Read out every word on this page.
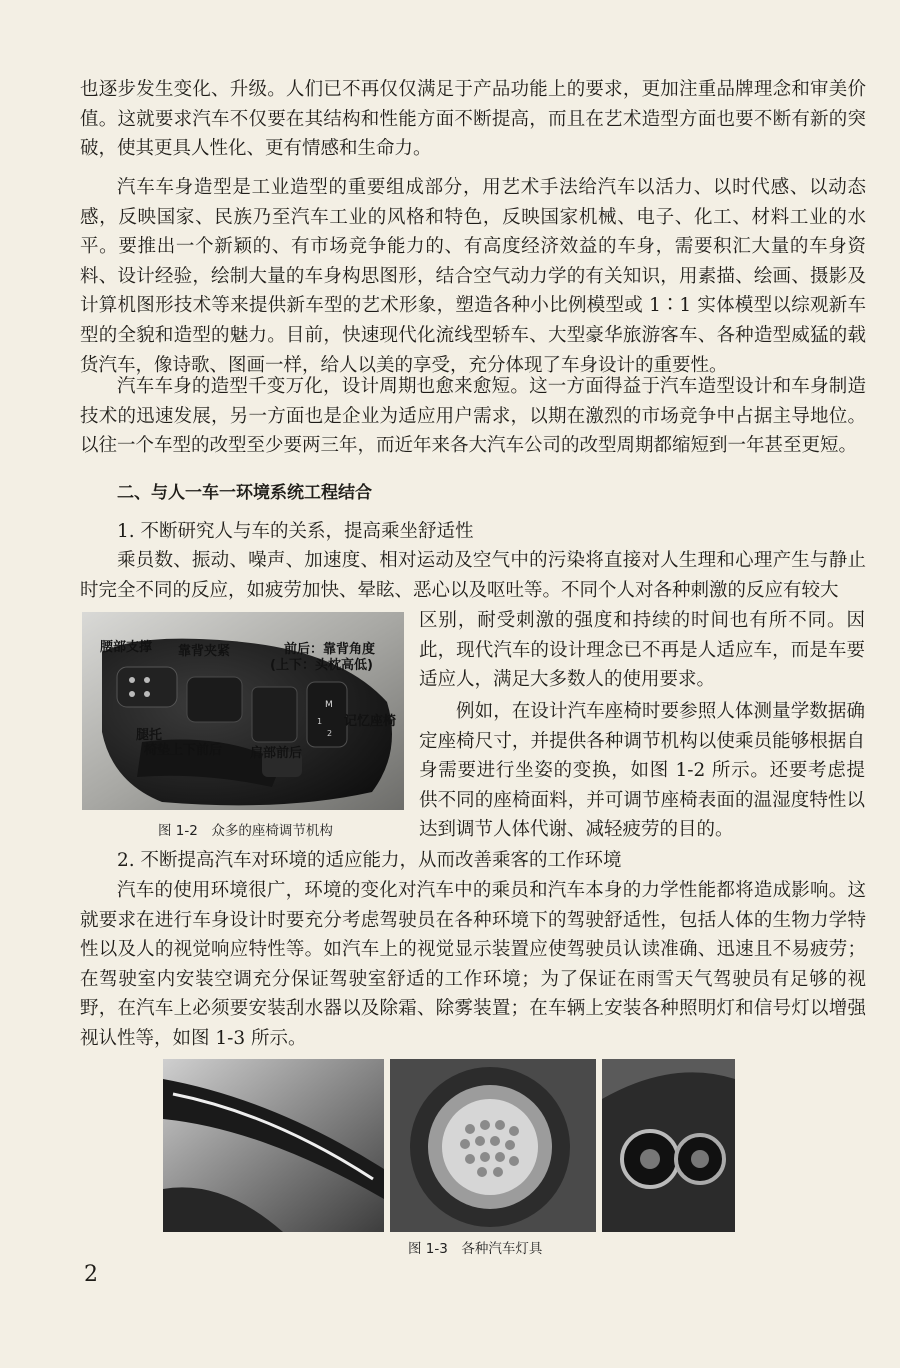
也逐步发生变化、升级。人们已不再仅仅满足于产品功能上的要求，更加注重品牌理念和审美价值。这就要求汽车不仅要在其结构和性能方面不断提高，而且在艺术造型方面也要不断有新的突破，使其更具人性化、更有情感和生命力。

汽车车身造型是工业造型的重要组成部分，用艺术手法给汽车以活力、以时代感、以动态感，反映国家、民族乃至汽车工业的风格和特色，反映国家机械、电子、化工、材料工业的水平。要推出一个新颖的、有市场竞争能力的、有高度经济效益的车身，需要积汇大量的车身资料、设计经验，绘制大量的车身构思图形，结合空气动力学的有关知识，用素描、绘画、摄影及计算机图形技术等来提供新车型的艺术形象，塑造各种小比例模型或 1∶1 实体模型以综观新车型的全貌和造型的魅力。目前，快速现代化流线型轿车、大型豪华旅游客车、各种造型威猛的载货汽车，像诗歌、图画一样，给人以美的享受，充分体现了车身设计的重要性。

汽车车身的造型千变万化，设计周期也愈来愈短。这一方面得益于汽车造型设计和车身制造技术的迅速发展，另一方面也是企业为适应用户需求，以期在激烈的市场竞争中占据主导地位。以往一个车型的改型至少要两三年，而近年来各大汽车公司的改型周期都缩短到一年甚至更短。

二、与人一车一环境系统工程结合
1. 不断研究人与车的关系，提高乘坐舒适性

乘员数、振动、噪声、加速度、相对运动及空气中的污染将直接对人生理和心理产生与静止时完全不同的反应，如疲劳加快、晕眩、恶心以及呕吐等。不同个人对各种刺激的反应有较大

M
1
2
腰部支撑 靠背夹紧	前后：靠背角度
(上下：头枕高低)
记忆座椅
腿托
椅垫上下前后 肩部前后
图 1-2　众多的座椅调节机构

区别，耐受刺激的强度和持续的时间也有所不同。因此，现代汽车的设计理念已不再是人适应车，而是车要适应人，满足大多数人的使用要求。

例如，在设计汽车座椅时要参照人体测量学数据确定座椅尺寸，并提供各种调节机构以使乘员能够根据自身需要进行坐姿的变换，如图 1-2 所示。还要考虑提供不同的座椅面料，并可调节座椅表面的温湿度特性以达到调节人体代谢、减轻疲劳的目的。

2. 不断提高汽车对环境的适应能力，从而改善乘客的工作环境

汽车的使用环境很广，环境的变化对汽车中的乘员和汽车本身的力学性能都将造成影响。这就要求在进行车身设计时要充分考虑驾驶员在各种环境下的驾驶舒适性，包括人体的生物力学特性以及人的视觉响应特性等。如汽车上的视觉显示装置应使驾驶员认读准确、迅速且不易疲劳；在驾驶室内安装空调充分保证驾驶室舒适的工作环境；为了保证在雨雪天气驾驶员有足够的视野，在汽车上必须要安装刮水器以及除霜、除雾装置；在车辆上安装各种照明灯和信号灯以增强视认性等，如图 1-3 所示。

图 1-3　各种汽车灯具
2
